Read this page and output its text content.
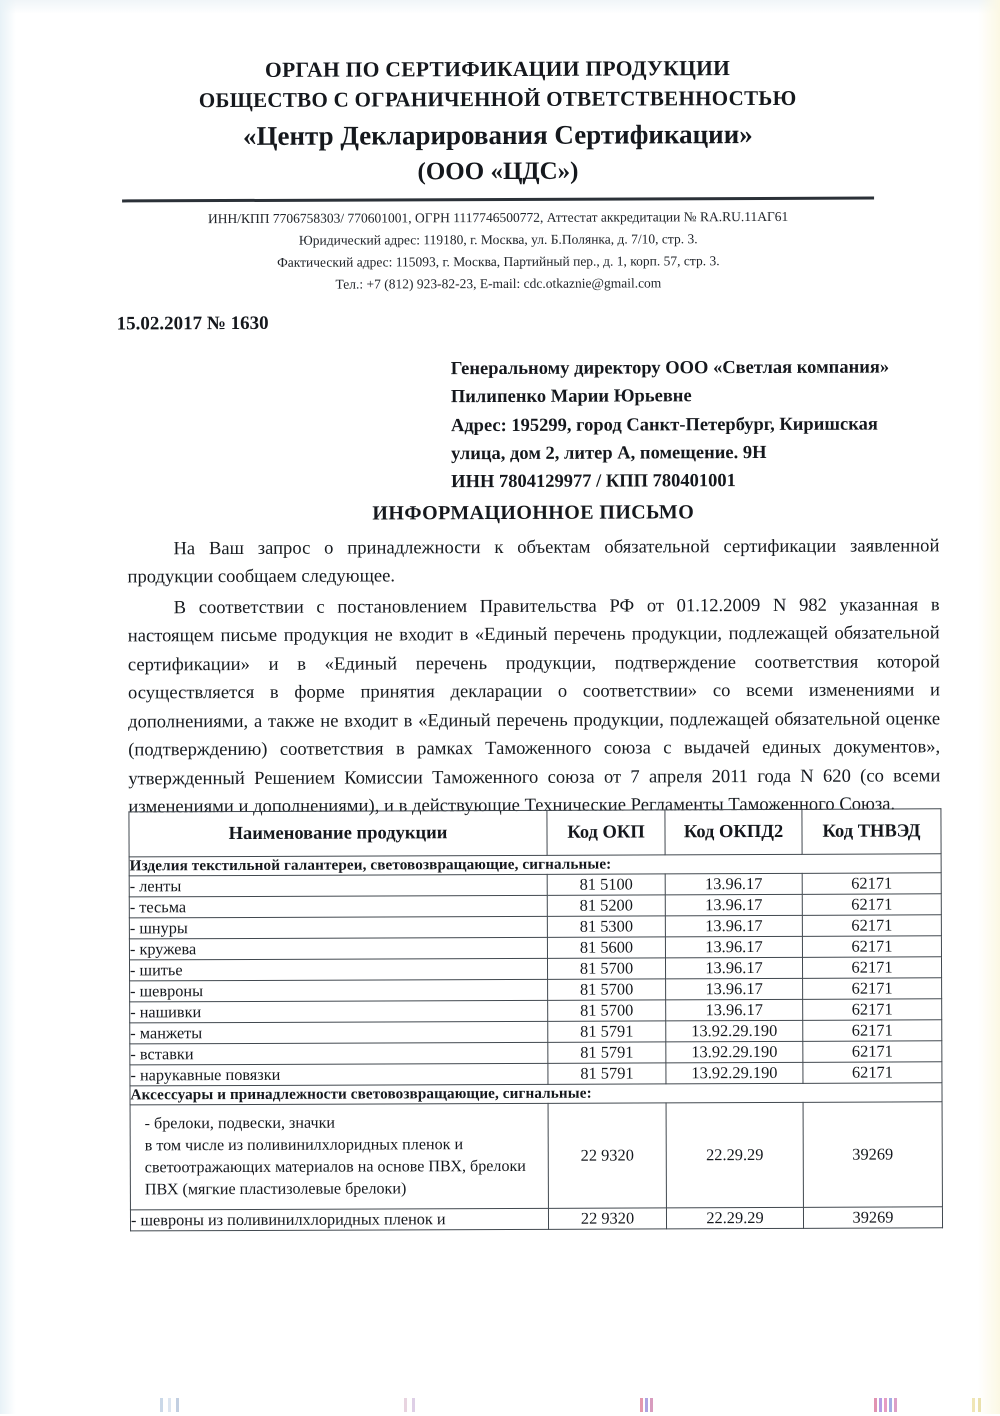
ОРГАН ПО СЕРТИФИКАЦИИ ПРОДУКЦИИ
ОБЩЕСТВО С ОГРАНИЧЕННОЙ ОТВЕТСТВЕННОСТЬЮ
«Центр Декларирования Сертификации»
(ООО «ЦДС»)
ИНН/КПП 7706758303/ 770601001, ОГРН 1117746500772, Аттестат аккредитации № RA.RU.11АГ61
Юридический адрес: 119180, г. Москва, ул. Б.Полянка, д. 7/10, стр. 3.
Фактический адрес: 115093, г. Москва, Партийный пер., д. 1, корп. 57, стр. 3.
Тел.: +7 (812) 923-82-23, E-mail: cdc.otkaznie@gmail.com
15.02.2017 № 1630
Генеральному директору ООО «Светлая компания»
Пилипенко Марии Юрьевне
Адрес: 195299, город Санкт-Петербург, Киришская
улица, дом 2, литер А, помещение. 9Н
ИНН 7804129977 / КПП 780401001
ИНФОРМАЦИОННОЕ ПИСЬМО

На Ваш запрос о принадлежности к объектам обязательной сертификации заявленной продукции сообщаем следующее.

В соответствии с постановлением Правительства РФ от 01.12.2009 N 982 указанная в настоящем письме продукция не входит в «Единый перечень продукции, подлежащей обязательной сертификации» и в «Единый перечень продукции, подтверждение соответствия которой осуществляется в форме принятия декларации о соответствии» со всеми изменениями и дополнениями, а также не входит в «Единый перечень продукции, подлежащей обязательной оценке (подтверждению) соответствия в рамках Таможенного союза с выдачей единых документов», утвержденный Решением Комиссии Таможенного союза от 7 апреля 2011 года N 620 (со всеми изменениями и дополнениями), и в действующие Технические Регламенты Таможенного Союза.

Наименование продукции	Код ОКП	Код ОКПД2	Код ТНВЭД
Изделия текстильной галантереи, световозвращающие, сигнальные:			
- ленты	81 5100	13.96.17	62171
- тесьма	81 5200	13.96.17	62171
- шнуры	81 5300	13.96.17	62171
- кружева	81 5600	13.96.17	62171
- шитье	81 5700	13.96.17	62171
- шевроны	81 5700	13.96.17	62171
- нашивки	81 5700	13.96.17	62171
- манжеты	81 5791	13.92.29.190	62171
- вставки	81 5791	13.92.29.190	62171
- нарукавные повязки	81 5791	13.92.29.190	62171
Аксессуары и принадлежности световозвращающие, сигнальные:			

- брелоки, подвески, значки
в том числе из поливинилхлоридных пленок и
светоотражающих материалов на основе ПВХ, брелоки
ПВХ (мягкие пластизолевые брелоки)	22 9320	22.29.29	39269
- шевроны из поливинилхлоридных пленок и	22 9320	22.29.29	39269
